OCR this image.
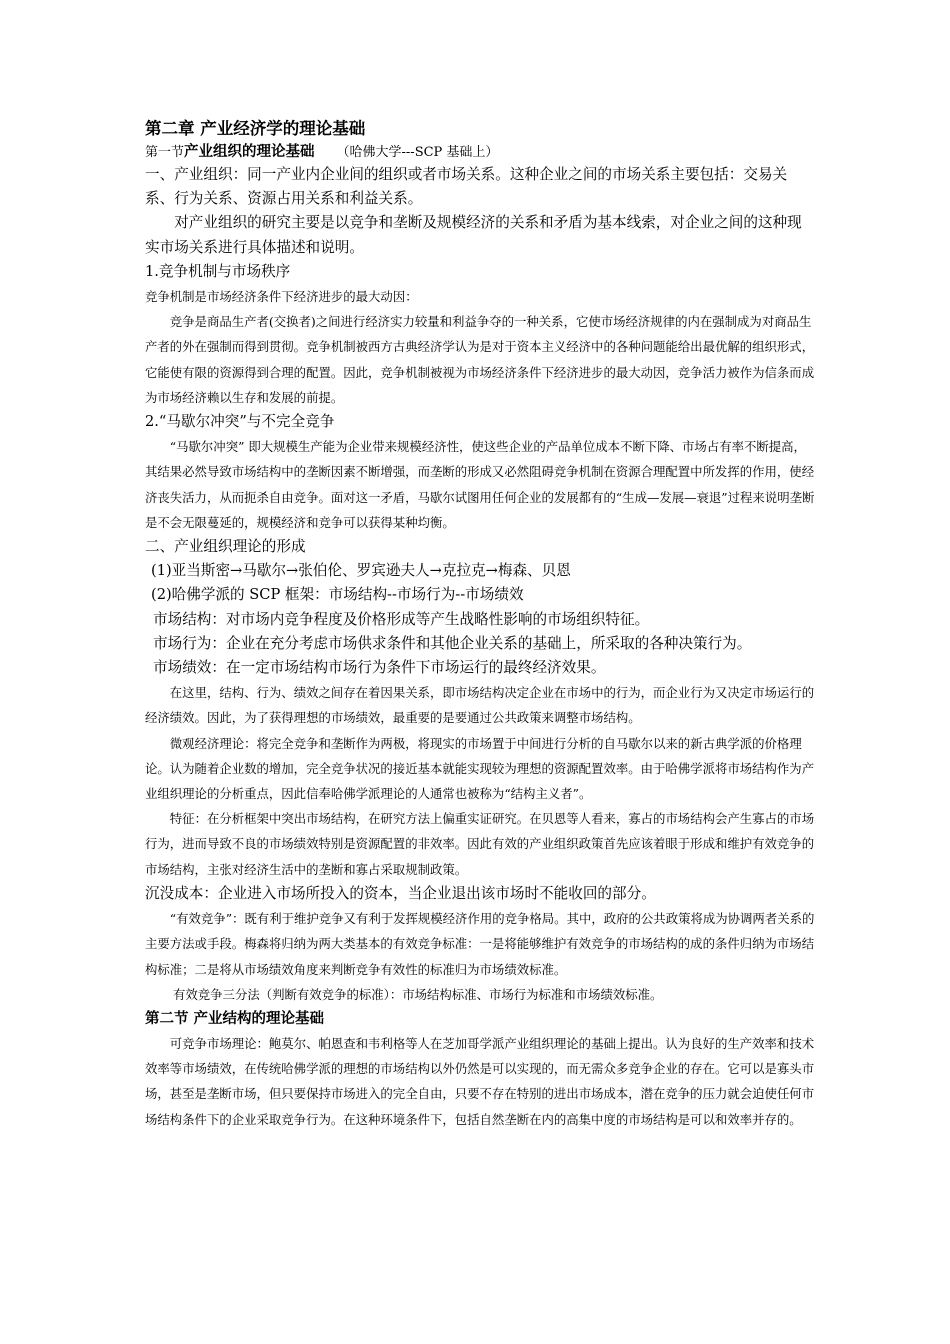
第二章 产业经济学的理论基础
第一节产业组织的理论基础 （哈佛大学---SCP 基础上）
一、产业组织：同一产业内企业间的组织或者市场关系。这种企业之间的市场关系主要包括：交易关系、行为关系、资源占用关系和利益关系。
对产业组织的研究主要是以竞争和垄断及规模经济的关系和矛盾为基本线索，对企业之间的这种现实市场关系进行具体描述和说明。
1.竞争机制与市场秩序
竞争机制是市场经济条件下经济进步的最大动因：
竞争是商品生产者(交换者)之间进行经济实力较量和利益争夺的一种关系，它使市场经济规律的内在强制成为对商品生产者的外在强制而得到贯彻。竞争机制被西方古典经济学认为是对于资本主义经济中的各种问题能给出最优解的组织形式，它能使有限的资源得到合理的配置。因此，竞争机制被视为市场经济条件下经济进步的最大动因，竞争活力被作为信条而成为市场经济赖以生存和发展的前提。
2.“马歇尔冲突”与不完全竞争
“马歇尔冲突” 即大规模生产能为企业带来规模经济性，使这些企业的产品单位成本不断下降、市场占有率不断提高，其结果必然导致市场结构中的垄断因素不断增强，而垄断的形成又必然阻碍竞争机制在资源合理配置中所发挥的作用，使经济丧失活力，从而扼杀自由竞争。面对这一矛盾，马歇尔试图用任何企业的发展都有的“生成—发展—衰退”过程来说明垄断是不会无限蔓延的，规模经济和竞争可以获得某种均衡。
二、产业组织理论的形成
(1)亚当斯密→马歇尔→张伯伦、罗宾逊夫人→克拉克→梅森、贝恩
(2)哈佛学派的 SCP 框架：市场结构--市场行为--市场绩效
市场结构：对市场内竞争程度及价格形成等产生战略性影响的市场组织特征。
市场行为：企业在充分考虑市场供求条件和其他企业关系的基础上，所采取的各种决策行为。
市场绩效：在一定市场结构市场行为条件下市场运行的最终经济效果。
在这里，结构、行为、绩效之间存在着因果关系，即市场结构决定企业在市场中的行为，而企业行为又决定市场运行的经济绩效。因此，为了获得理想的市场绩效，最重要的是要通过公共政策来调整市场结构。
微观经济理论：将完全竞争和垄断作为两极，将现实的市场置于中间进行分析的自马歇尔以来的新古典学派的价格理论。认为随着企业数的增加，完全竞争状况的接近基本就能实现较为理想的资源配置效率。由于哈佛学派将市场结构作为产业组织理论的分析重点，因此信奉哈佛学派理论的人通常也被称为“结构主义者”。
特征：在分析框架中突出市场结构，在研究方法上偏重实证研究。在贝恩等人看来，寡占的市场结构会产生寡占的市场行为，进而导致不良的市场绩效特别是资源配置的非效率。因此有效的产业组织政策首先应该着眼于形成和维护有效竞争的市场结构，主张对经济生活中的垄断和寡占采取规制政策。
沉没成本：企业进入市场所投入的资本，当企业退出该市场时不能收回的部分。
“有效竞争”：既有利于维护竞争又有利于发挥规模经济作用的竞争格局。其中，政府的公共政策将成为协调两者关系的主要方法或手段。梅森将归纳为两大类基本的有效竞争标准：一是将能够维护有效竞争的市场结构的成的条件归纳为市场结构标准；二是将从市场绩效角度来判断竞争有效性的标准归为市场绩效标准。
有效竞争三分法（判断有效竞争的标准）：市场结构标准、市场行为标准和市场绩效标准。
第二节 产业结构的理论基础
可竞争市场理论：鲍莫尔、帕恩查和韦利格等人在芝加哥学派产业组织理论的基础上提出。认为良好的生产效率和技术效率等市场绩效，在传统哈佛学派的理想的市场结构以外仍然是可以实现的，而无需众多竞争企业的存在。它可以是寡头市场，甚至是垄断市场，但只要保持市场进入的完全自由，只要不存在特别的进出市场成本，潜在竞争的压力就会迫使任何市场结构条件下的企业采取竞争行为。在这种环境条件下，包括自然垄断在内的高集中度的市场结构是可以和效率并存的。
